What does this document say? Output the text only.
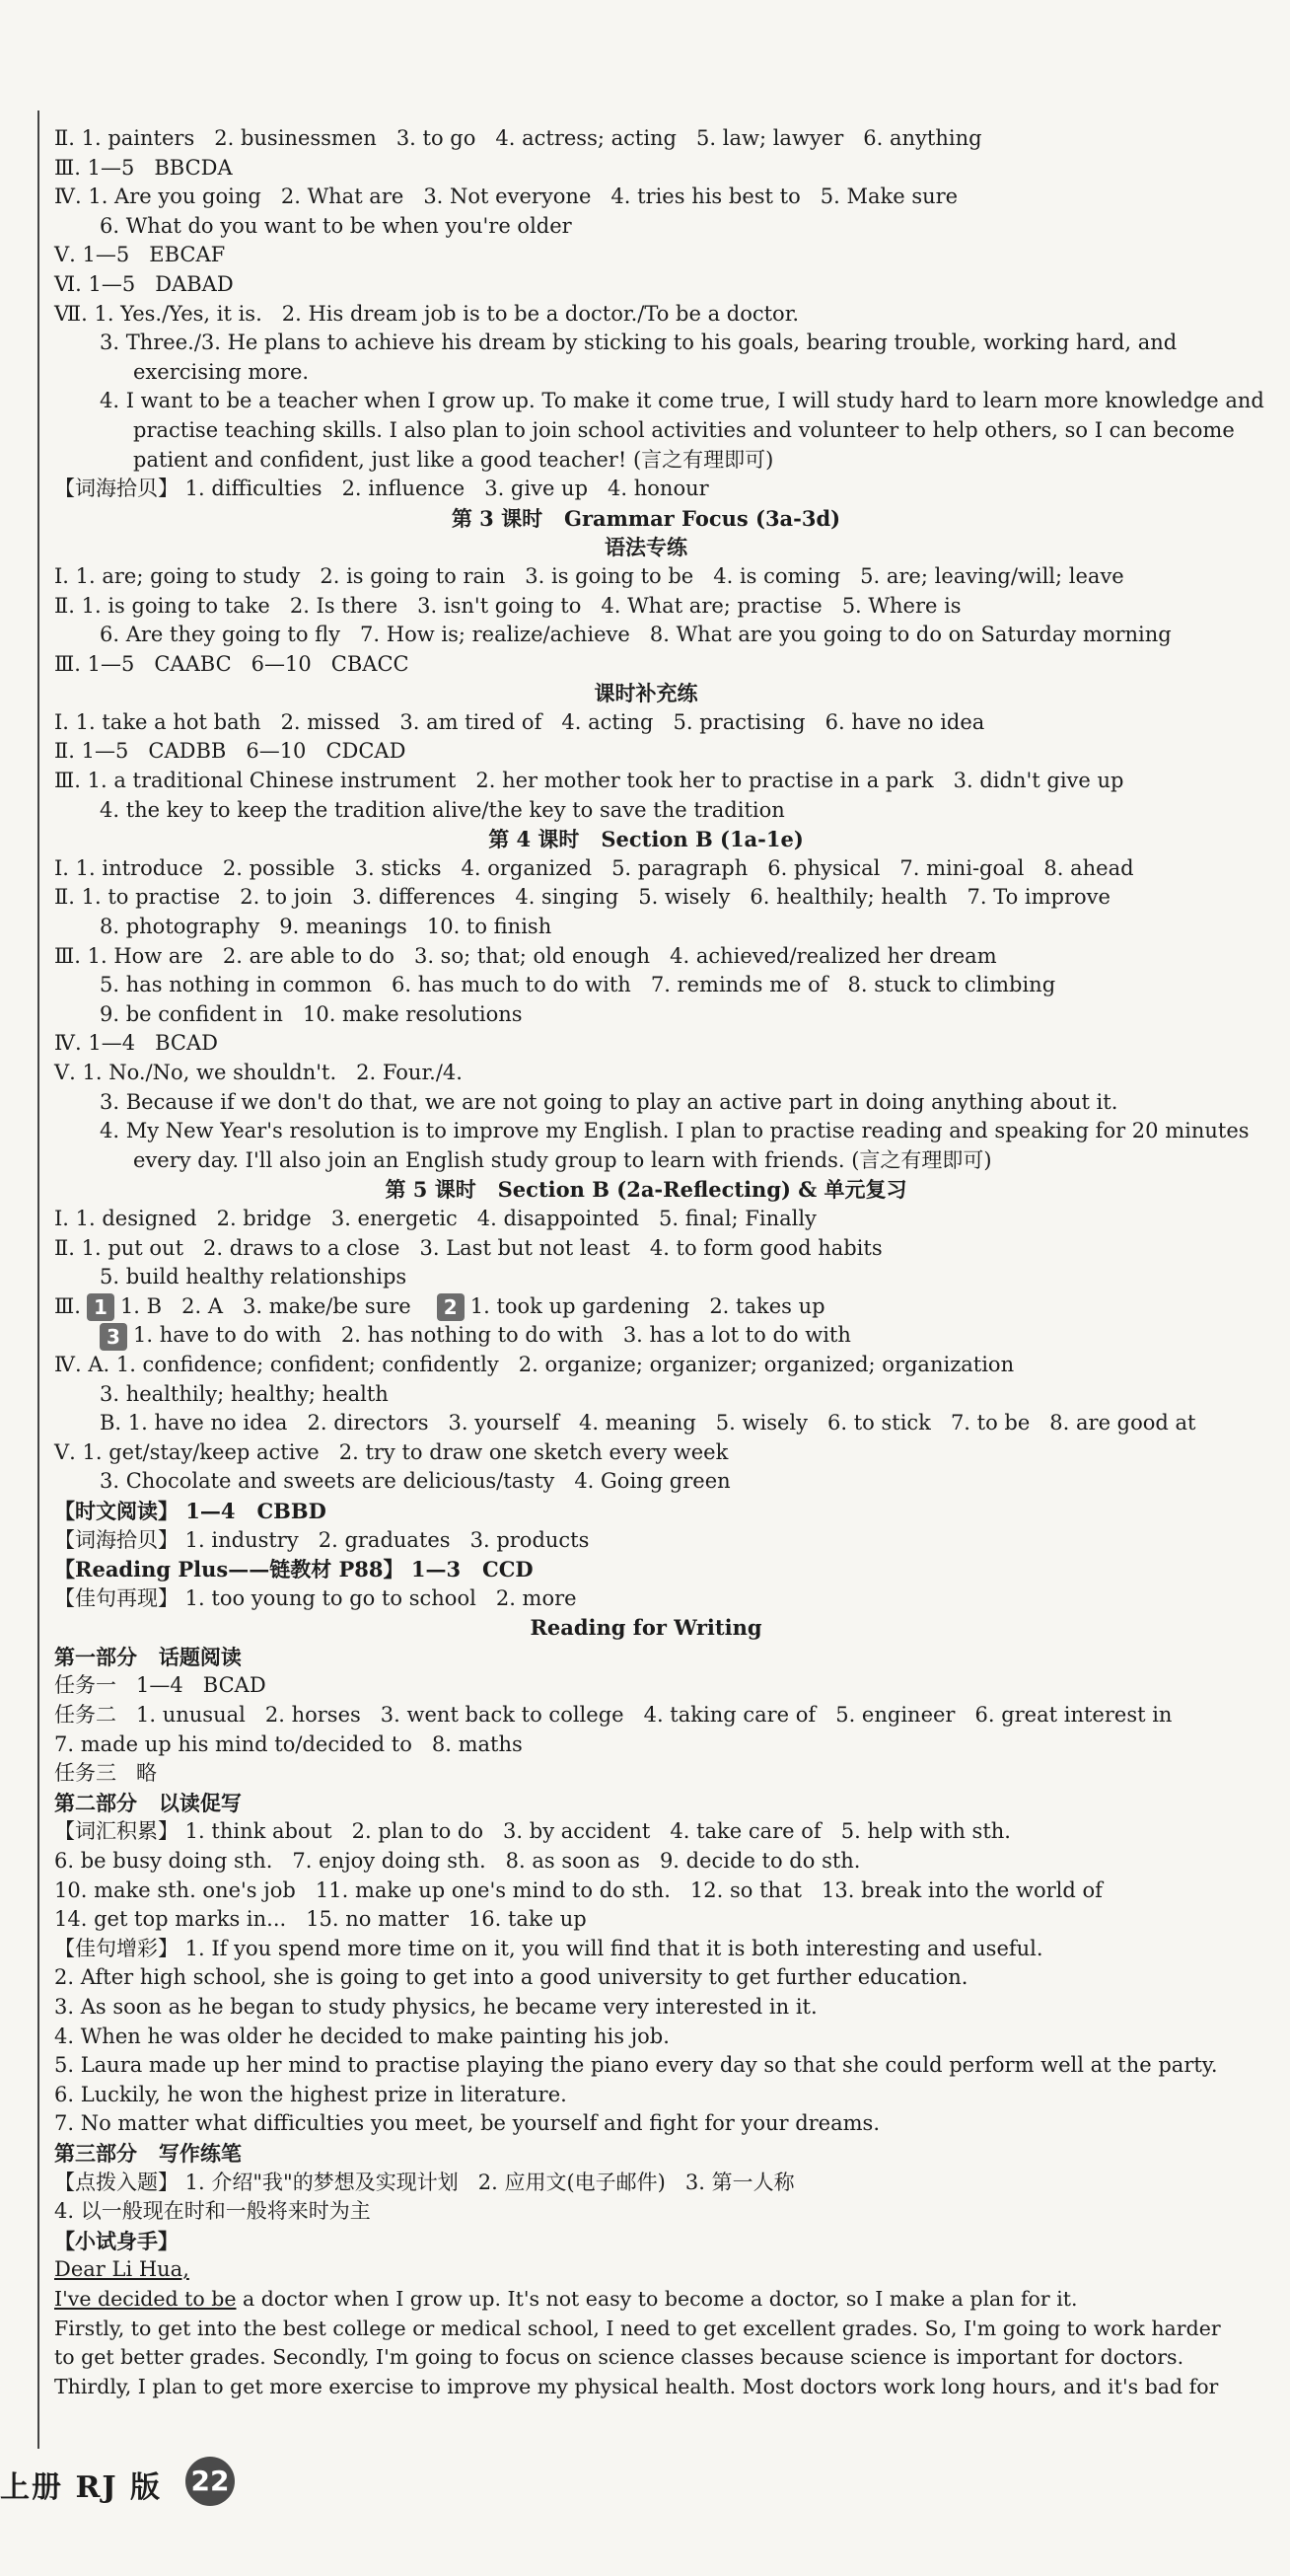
Ⅱ. 1. painters   2. businessmen   3. to go   4. actress; acting   5. law; lawyer   6. anything
Ⅲ. 1—5   BBCDA
Ⅳ. 1. Are you going   2. What are   3. Not everyone   4. tries his best to   5. Make sure
6. What do you want to be when you're older
Ⅴ. 1—5   EBCAF
Ⅵ. 1—5   DABAD
Ⅶ. 1. Yes./Yes, it is.   2. His dream job is to be a doctor./To be a doctor.
3. Three./3. He plans to achieve his dream by sticking to his goals, bearing trouble, working hard, and
exercising more.
4. I want to be a teacher when I grow up. To make it come true, I will study hard to learn more knowledge and
practise teaching skills. I also plan to join school activities and volunteer to help others, so I can become
patient and confident, just like a good teacher! (言之有理即可)
【词海拾贝】 1. difficulties   2. influence   3. give up   4. honour
第 3 课时   Grammar Focus (3a-3d)
语法专练
Ⅰ. 1. are; going to study   2. is going to rain   3. is going to be   4. is coming   5. are; leaving/will; leave
Ⅱ. 1. is going to take   2. Is there   3. isn't going to   4. What are; practise   5. Where is
6. Are they going to fly   7. How is; realize/achieve   8. What are you going to do on Saturday morning
Ⅲ. 1—5   CAABC   6—10   CBACC
课时补充练
Ⅰ. 1. take a hot bath   2. missed   3. am tired of   4. acting   5. practising   6. have no idea
Ⅱ. 1—5   CADBB   6—10   CDCAD
Ⅲ. 1. a traditional Chinese instrument   2. her mother took her to practise in a park   3. didn't give up
4. the key to keep the tradition alive/the key to save the tradition
第 4 课时   Section B (1a-1e)
Ⅰ. 1. introduce   2. possible   3. sticks   4. organized   5. paragraph   6. physical   7. mini-goal   8. ahead
Ⅱ. 1. to practise   2. to join   3. differences   4. singing   5. wisely   6. healthily; health   7. To improve
8. photography   9. meanings   10. to finish
Ⅲ. 1. How are   2. are able to do   3. so; that; old enough   4. achieved/realized her dream
5. has nothing in common   6. has much to do with   7. reminds me of   8. stuck to climbing
9. be confident in   10. make resolutions
Ⅳ. 1—4   BCAD
Ⅴ. 1. No./No, we shouldn't.   2. Four./4.
3. Because if we don't do that, we are not going to play an active part in doing anything about it.
4. My New Year's resolution is to improve my English. I plan to practise reading and speaking for 20 minutes
every day. I'll also join an English study group to learn with friends. (言之有理即可)
第 5 课时   Section B (2a-Reflecting) & 单元复习
Ⅰ. 1. designed   2. bridge   3. energetic   4. disappointed   5. final; Finally
Ⅱ. 1. put out   2. draws to a close   3. Last but not least   4. to form good habits
5. build healthy relationships
Ⅲ. 1 1. B   2. A   3. make/be sure 2 1. took up gardening   2. takes up
3 1. have to do with   2. has nothing to do with   3. has a lot to do with
Ⅳ. A. 1. confidence; confident; confidently   2. organize; organizer; organized; organization
3. healthily; healthy; health
B. 1. have no idea   2. directors   3. yourself   4. meaning   5. wisely   6. to stick   7. to be   8. are good at
Ⅴ. 1. get/stay/keep active   2. try to draw one sketch every week
3. Chocolate and sweets are delicious/tasty   4. Going green
【时文阅读】 1—4   CBBD
【词海拾贝】 1. industry   2. graduates   3. products
【Reading Plus——链教材 P88】 1—3   CCD
【佳句再现】 1. too young to go to school   2. more
Reading for Writing
第一部分   话题阅读
任务一   1—4   BCAD
任务二   1. unusual   2. horses   3. went back to college   4. taking care of   5. engineer   6. great interest in
7. made up his mind to/decided to   8. maths
任务三   略
第二部分   以读促写
【词汇积累】 1. think about   2. plan to do   3. by accident   4. take care of   5. help with sth.
6. be busy doing sth.   7. enjoy doing sth.   8. as soon as   9. decide to do sth.
10. make sth. one's job   11. make up one's mind to do sth.   12. so that   13. break into the world of
14. get top marks in...   15. no matter   16. take up
【佳句增彩】 1. If you spend more time on it, you will find that it is both interesting and useful.
2. After high school, she is going to get into a good university to get further education.
3. As soon as he began to study physics, he became very interested in it.
4. When he was older he decided to make painting his job.
5. Laura made up her mind to practise playing the piano every day so that she could perform well at the party.
6. Luckily, he won the highest prize in literature.
7. No matter what difficulties you meet, be yourself and fight for your dreams.
第三部分   写作练笔
【点拨入题】 1. 介绍"我"的梦想及实现计划   2. 应用文(电子邮件)   3. 第一人称
4. 以一般现在时和一般将来时为主
【小试身手】
Dear Li Hua,
I've decided to be a doctor when I grow up. It's not easy to become a doctor, so I make a plan for it.
Firstly, to get into the best college or medical school, I need to get excellent grades. So, I'm going to work harder
to get better grades. Secondly, I'm going to focus on science classes because science is important for doctors.
Thirdly, I plan to get more exercise to improve my physical health. Most doctors work long hours, and it's bad for
上册 RJ 版 22
